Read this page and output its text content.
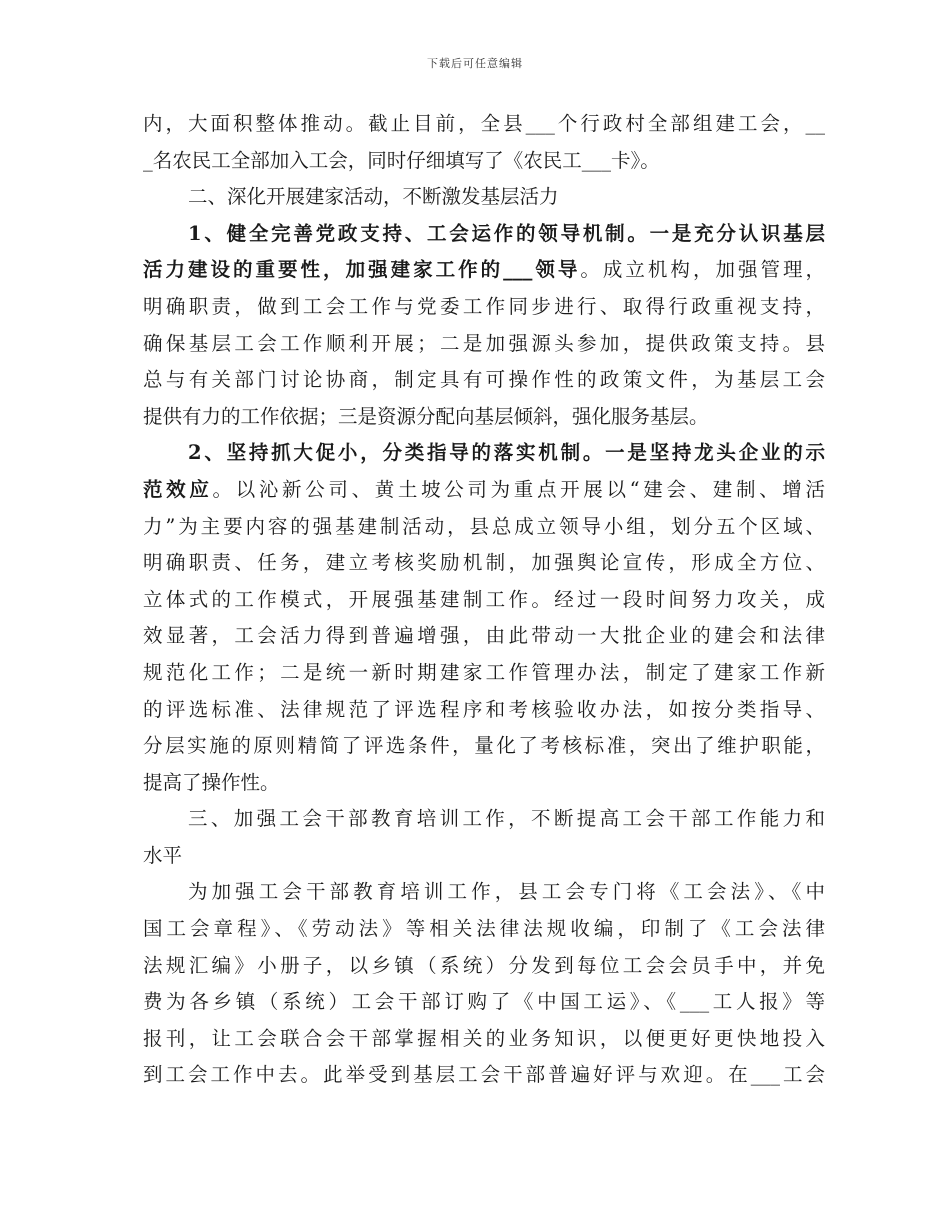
下载后可任意编辑
内，大面积整体推动。截止目前，全县___个行政村全部组建工会，__
_名农民工全部加入工会，同时仔细填写了《农民工___卡》。
二、深化开展建家活动，不断激发基层活力
1、健全完善党政支持、工会运作的领导机制。一是充分认识基层
活力建设的重要性，加强建家工作的___领导。成立机构，加强管理，
明确职责，做到工会工作与党委工作同步进行、取得行政重视支持，
确保基层工会工作顺利开展；二是加强源头参加，提供政策支持。县
总与有关部门讨论协商，制定具有可操作性的政策文件，为基层工会
提供有力的工作依据；三是资源分配向基层倾斜，强化服务基层。
2、坚持抓大促小，分类指导的落实机制。一是坚持龙头企业的示
范效应。以沁新公司、黄土坡公司为重点开展以“建会、建制、增活
力”为主要内容的强基建制活动，县总成立领导小组，划分五个区域、
明确职责、任务，建立考核奖励机制，加强舆论宣传，形成全方位、
立体式的工作模式，开展强基建制工作。经过一段时间努力攻关，成
效显著，工会活力得到普遍增强，由此带动一大批企业的建会和法律
规范化工作；二是统一新时期建家工作管理办法，制定了建家工作新
的评选标准、法律规范了评选程序和考核验收办法，如按分类指导、
分层实施的原则精简了评选条件，量化了考核标准，突出了维护职能，
提高了操作性。
三、加强工会干部教育培训工作，不断提高工会干部工作能力和
水平
为加强工会干部教育培训工作，县工会专门将《工会法》、《中
国工会章程》、《劳动法》等相关法律法规收编，印制了《工会法律
法规汇编》小册子，以乡镇（系统）分发到每位工会会员手中，并免
费为各乡镇（系统）工会干部订购了《中国工运》、《___工人报》等
报刊，让工会联合会干部掌握相关的业务知识，以便更好更快地投入
到工会工作中去。此举受到基层工会干部普遍好评与欢迎。在___工会
